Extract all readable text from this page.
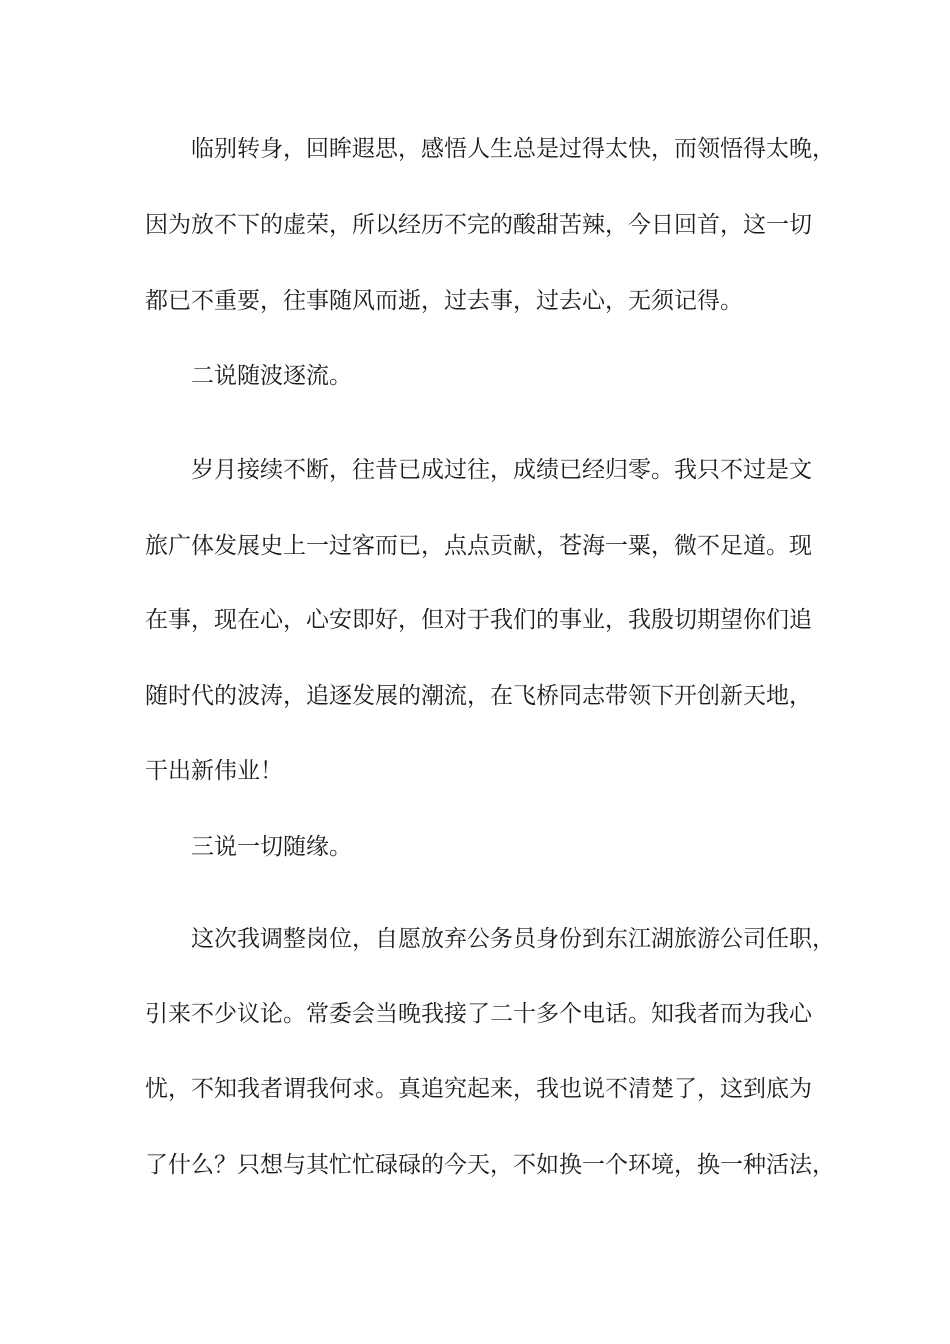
临别转身，回眸遐思，感悟人生总是过得太快，而领悟得太晚，
因为放不下的虚荣，所以经历不完的酸甜苦辣，今日回首，这一切
都已不重要，往事随风而逝，过去事，过去心，无须记得。
二说随波逐流。
岁月接续不断，往昔已成过往，成绩已经归零。我只不过是文
旅广体发展史上一过客而已，点点贡献，苍海一粟，微不足道。现
在事，现在心，心安即好，但对于我们的事业，我殷切期望你们追
随时代的波涛，追逐发展的潮流，在飞桥同志带领下开创新天地，
干出新伟业！
三说一切随缘。
这次我调整岗位，自愿放弃公务员身份到东江湖旅游公司任职，
引来不少议论。常委会当晚我接了二十多个电话。知我者而为我心
忧，不知我者谓我何求。真追究起来，我也说不清楚了，这到底为
了什么？只想与其忙忙碌碌的今天，不如换一个环境，换一种活法，
